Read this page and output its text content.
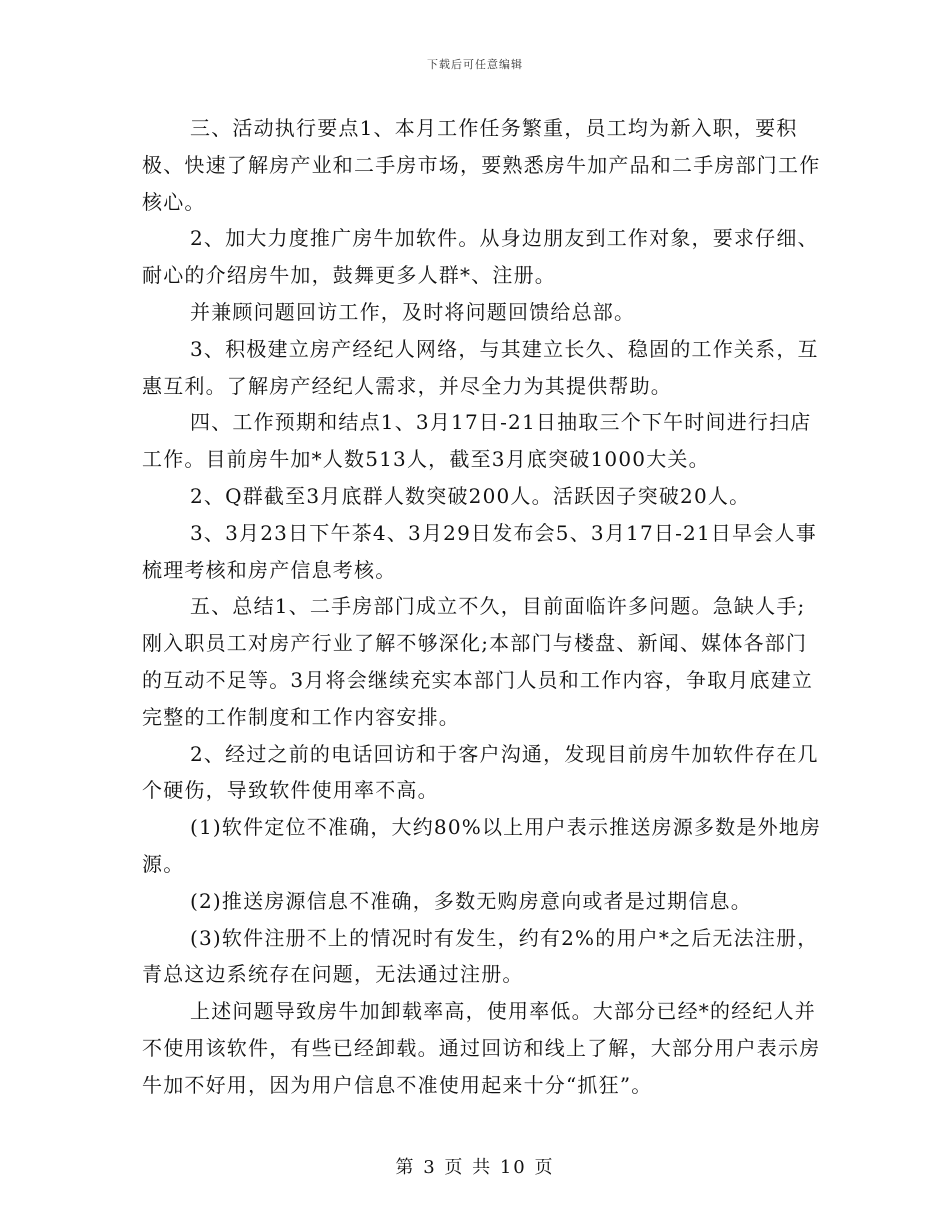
下载后可任意编辑

三、活动执行要点1、本月工作任务繁重，员工均为新入职，要积极、快速了解房产业和二手房市场，要熟悉房牛加产品和二手房部门工作核心。

2、加大力度推广房牛加软件。从身边朋友到工作对象，要求仔细、耐心的介绍房牛加，鼓舞更多人群*、注册。

并兼顾问题回访工作，及时将问题回馈给总部。

3、积极建立房产经纪人网络，与其建立长久、稳固的工作关系，互惠互利。了解房产经纪人需求，并尽全力为其提供帮助。

四、工作预期和结点1、3月17日-21日抽取三个下午时间进行扫店工作。目前房牛加*人数513人，截至3月底突破1000大关。

2、Q群截至3月底群人数突破200人。活跃因子突破20人。

3、3月23日下午茶4、3月29日发布会5、3月17日-21日早会人事梳理考核和房产信息考核。

五、总结1、二手房部门成立不久，目前面临许多问题。急缺人手;刚入职员工对房产行业了解不够深化;本部门与楼盘、新闻、媒体各部门的互动不足等。3月将会继续充实本部门人员和工作内容，争取月底建立完整的工作制度和工作内容安排。

2、经过之前的电话回访和于客户沟通，发现目前房牛加软件存在几个硬伤，导致软件使用率不高。

(1)软件定位不准确，大约80%以上用户表示推送房源多数是外地房源。

(2)推送房源信息不准确，多数无购房意向或者是过期信息。

(3)软件注册不上的情况时有发生，约有2%的用户*之后无法注册，青总这边系统存在问题，无法通过注册。

上述问题导致房牛加卸载率高，使用率低。大部分已经*的经纪人并不使用该软件，有些已经卸载。通过回访和线上了解，大部分用户表示房牛加不好用，因为用户信息不准使用起来十分“抓狂”。

第 3 页 共 10 页
